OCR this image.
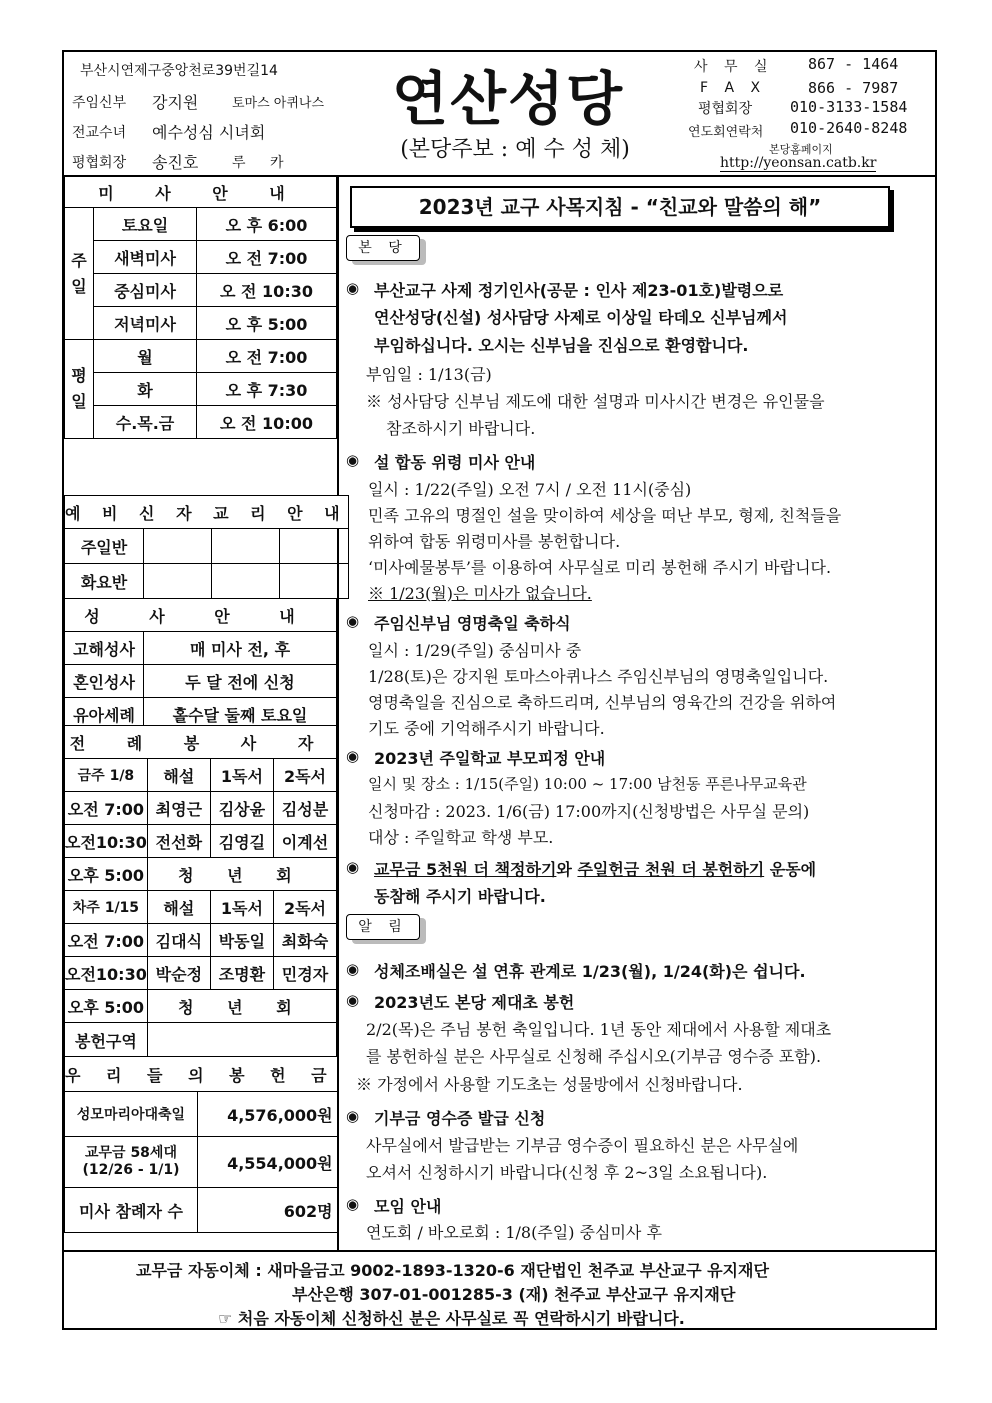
부산시연제구중앙천로39번길14
주임신부 강지원	토마스 아퀴나스
전교수녀 예수성심 시녀회
평협회장 송진호 루 카
연산성당
(본당주보 : 예 수 성 체)
사 무 실 867 - 1464
F A X	866 - 7987
평협회장	010-3133-1584
연도회연락처 010-2640-8248
본당홈페이지
http://yeonsan.catb.kr
미 사 안 내		
주일	토요일	오 후 6:00
	새벽미사	오 전 7:00
	중심미사	오 전 10:30
	저녁미사	오 후 5:00
평일	월	오 전 7:00
	화	오 후 7:30
	수.목.금	오 전 10:00
예 비 신 자 교 리 안 내			
주일반			
화요반			
성 사 안 내	
고해성사	매 미사 전, 후
혼인성사	두 달 전에 신청
유아세례	홀수달 둘째 토요일
전 례 봉 사 자			
금주 1/8	해설	1독서	2독서
오전 7:00	최영근	김상윤	김성분
오전10:30	전선화	김영길	이계선
오후 5:00	청 년 회		
차주 1/15	해설	1독서	2독서
오전 7:00	김대식	박동일	최화숙
오전10:30	박순정	조명환	민경자
오후 5:00	청 년 회		
봉헌구역			
우 리 들 의 봉 헌 금	
성모마리아대축일	4,576,000원
교무금 58세대
(12/26 - 1/1)	4,554,000원
미사 참례자 수	602명
2023년 교구 사목지침 - “친교와 말씀의 해”
본 당
◉ 부산교구 사제 정기인사(공문 : 인사 제23-01호)발령으로
연산성당(신설) 성사담당 사제로 이상일 타데오 신부님께서
부임하십니다. 오시는 신부님을 진심으로 환영합니다.
부임일 : 1/13(금)
※ 성사담당 신부님 제도에 대한 설명과 미사시간 변경은 유인물을
참조하시기 바랍니다.
◉ 설 합동 위령 미사 안내
일시 : 1/22(주일) 오전 7시 / 오전 11시(중심)
민족 고유의 명절인 설을 맞이하여 세상을 떠난 부모, 형제, 친척들을
위하여 합동 위령미사를 봉헌합니다.
‘미사예물봉투’를 이용하여 사무실로 미리 봉헌해 주시기 바랍니다.
※ 1/23(월)은 미사가 없습니다.
◉ 주임신부님 영명축일 축하식
일시 : 1/29(주일) 중심미사 중
1/28(토)은 강지원 토마스아퀴나스 주임신부님의 영명축일입니다.
영명축일을 진심으로 축하드리며, 신부님의 영육간의 건강을 위하여
기도 중에 기억해주시기 바랍니다.
◉ 2023년 주일학교 부모피정 안내
일시 및 장소 : 1/15(주일) 10:00 ~ 17:00 남천동 푸른나무교육관
신청마감 : 2023. 1/6(금) 17:00까지(신청방법은 사무실 문의)
대상 : 주일학교 학생 부모.
◉ 교무금 5천원 더 책정하기와 주일헌금 천원 더 봉헌하기 운동에
동참해 주시기 바랍니다.
알 림
◉ 성체조배실은 설 연휴 관계로 1/23(월), 1/24(화)은 쉽니다.
◉ 2023년도 본당 제대초 봉헌
2/2(목)은 주님 봉헌 축일입니다. 1년 동안 제대에서 사용할 제대초
를 봉헌하실 분은 사무실로 신청해 주십시오(기부금 영수증 포함).
※ 가정에서 사용할 기도초는 성물방에서 신청바랍니다.
◉ 기부금 영수증 발급 신청
사무실에서 발급받는 기부금 영수증이 필요하신 분은 사무실에
오셔서 신청하시기 바랍니다(신청 후 2~3일 소요됩니다).
◉ 모임 안내
연도회 / 바오로회 : 1/8(주일) 중심미사 후
교무금 자동이체 : 새마을금고 9002-1893-1320-6 재단법인 천주교 부산교구 유지재단
부산은행 307-01-001285-3 (재) 천주교 부산교구 유지재단
☞ 처음 자동이체 신청하신 분은 사무실로 꼭 연락하시기 바랍니다.
